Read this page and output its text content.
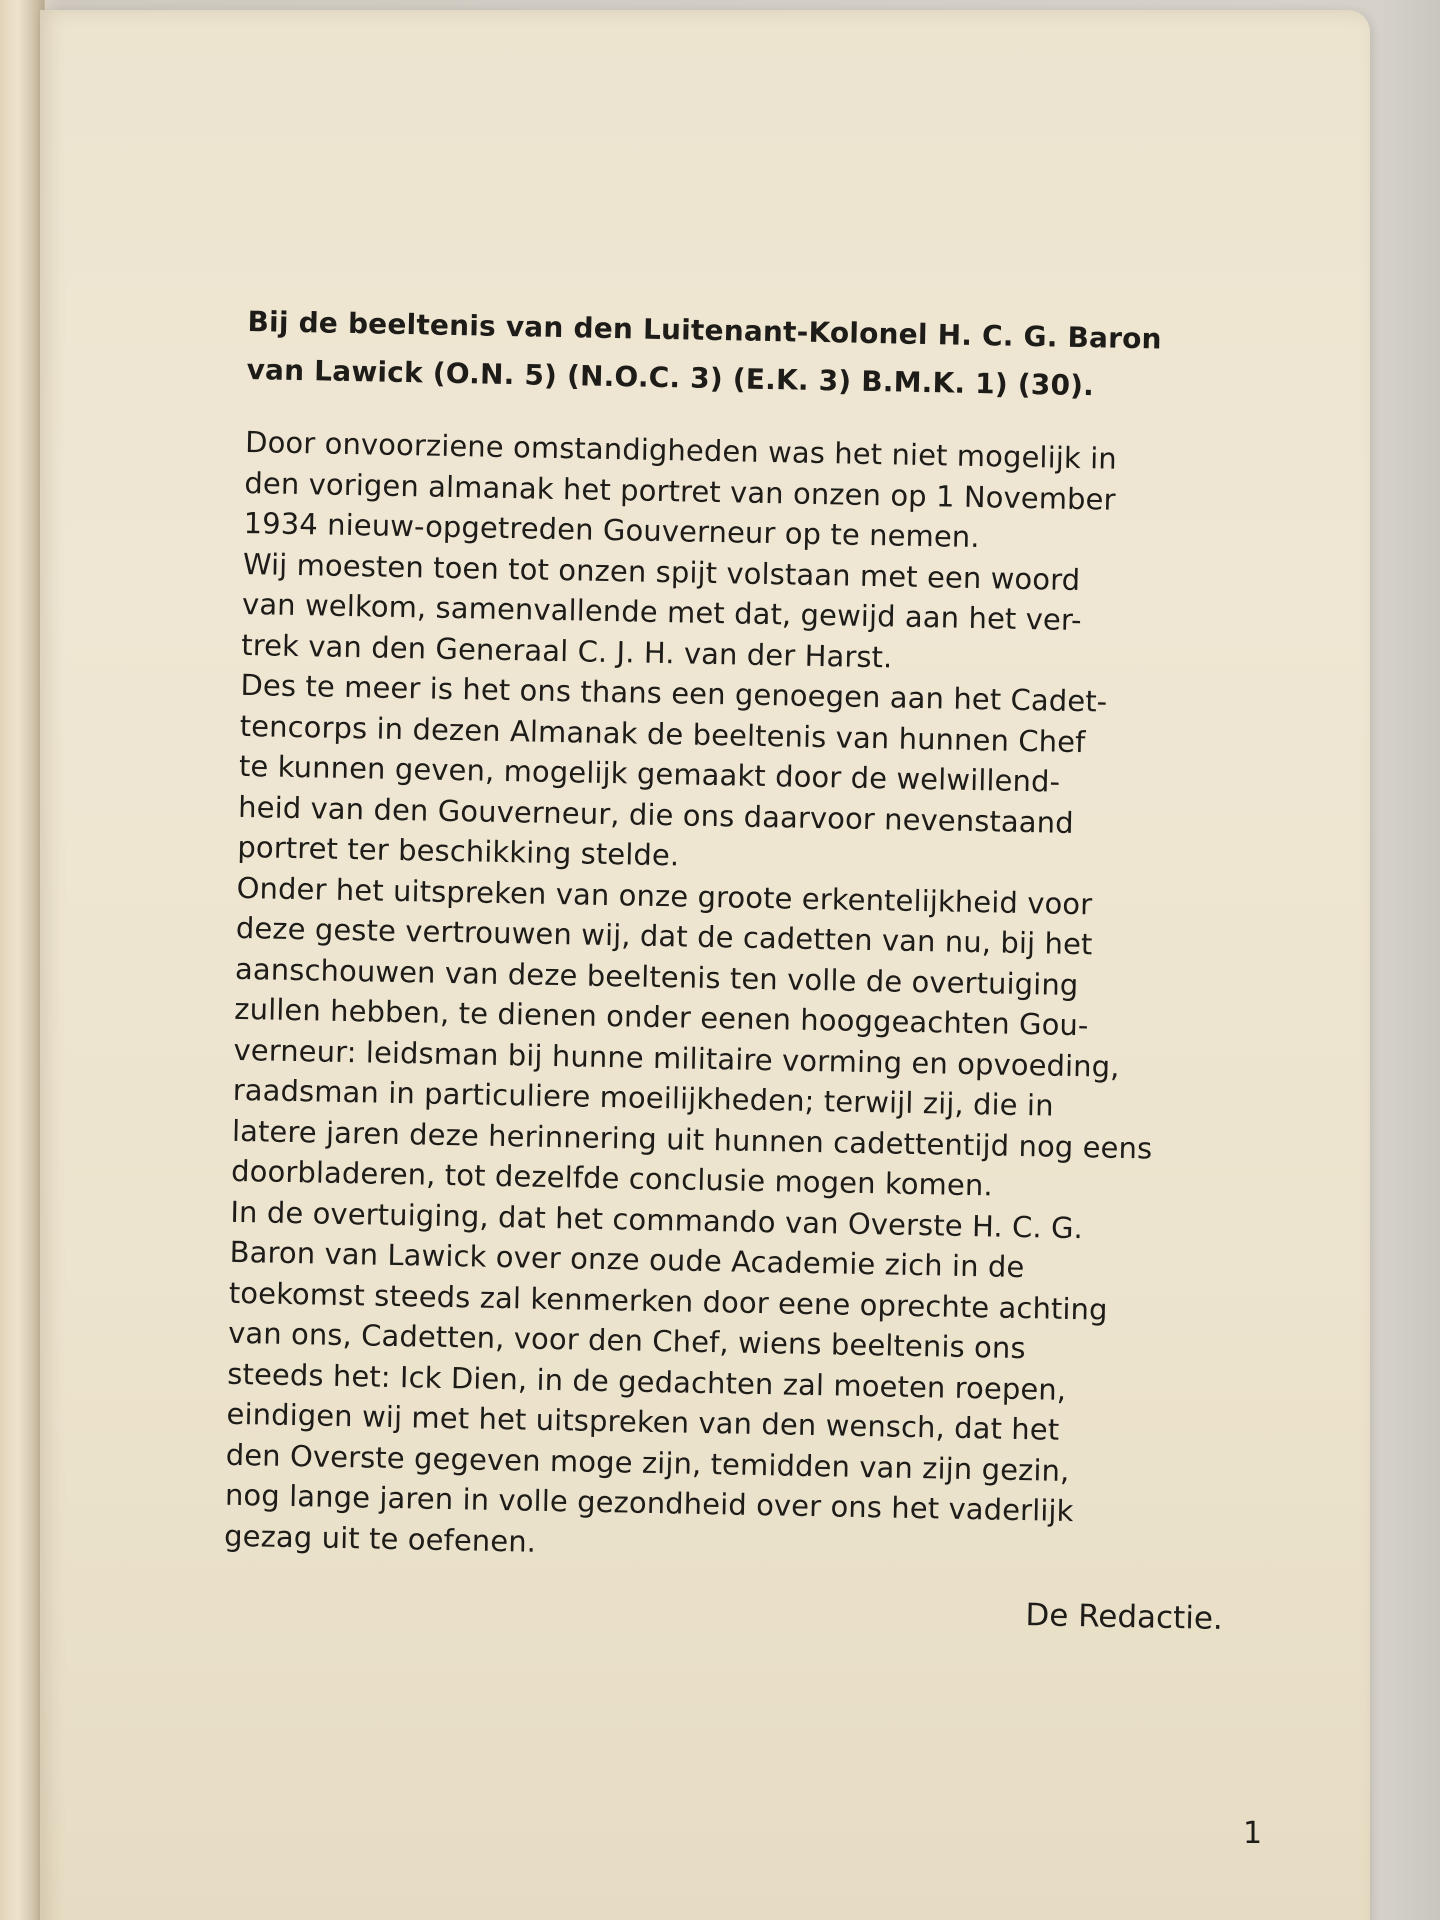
Bij de beeltenis van den Luitenant-Kolonel H. C. G. Baron
van Lawick (O.N. 5) (N.O.C. 3) (E.K. 3) B.M.K. 1) (30).
Door onvoorziene omstandigheden was het niet mogelijk in
den vorigen almanak het portret van onzen op 1 November
1934 nieuw-opgetreden Gouverneur op te nemen.
Wij moesten toen tot onzen spijt volstaan met een woord
van welkom, samenvallende met dat, gewijd aan het ver-
trek van den Generaal C. J. H. van der Harst.
Des te meer is het ons thans een genoegen aan het Cadet-
tencorps in dezen Almanak de beeltenis van hunnen Chef
te kunnen geven, mogelijk gemaakt door de welwillend-
heid van den Gouverneur, die ons daarvoor nevenstaand
portret ter beschikking stelde.
Onder het uitspreken van onze groote erkentelijkheid voor
deze geste vertrouwen wij, dat de cadetten van nu, bij het
aanschouwen van deze beeltenis ten volle de overtuiging
zullen hebben, te dienen onder eenen hooggeachten Gou-
verneur: leidsman bij hunne militaire vorming en opvoeding,
raadsman in particuliere moeilijkheden; terwijl zij, die in
latere jaren deze herinnering uit hunnen cadettentijd nog eens
doorbladeren, tot dezelfde conclusie mogen komen.
In de overtuiging, dat het commando van Overste H. C. G.
Baron van Lawick over onze oude Academie zich in de
toekomst steeds zal kenmerken door eene oprechte achting
van ons, Cadetten, voor den Chef, wiens beeltenis ons
steeds het: Ick Dien, in de gedachten zal moeten roepen,
eindigen wij met het uitspreken van den wensch, dat het
den Overste gegeven moge zijn, temidden van zijn gezin,
nog lange jaren in volle gezondheid over ons het vaderlijk
gezag uit te oefenen.
De Redactie.
1
